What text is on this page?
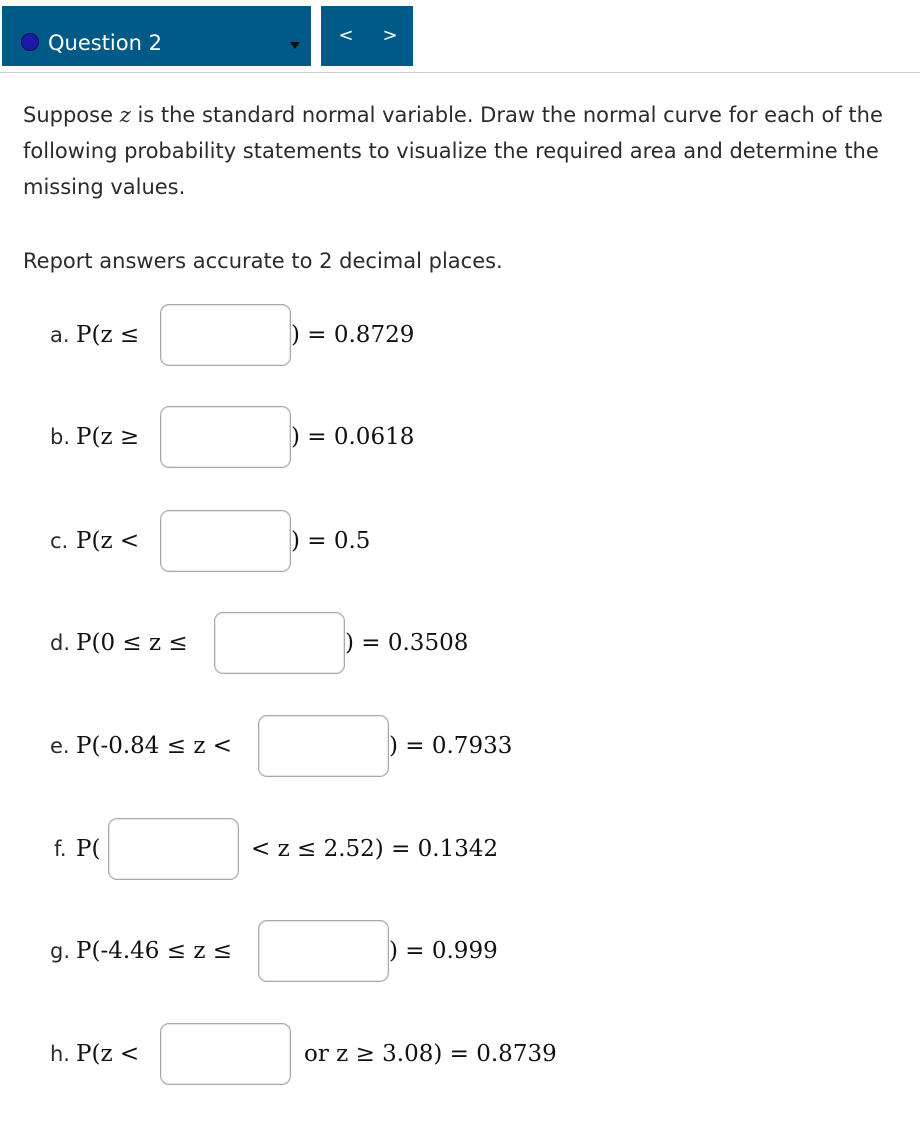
Question 2	<	>
Suppose z is the standard normal variable. Draw the normal curve for each of the following probability statements to visualize the required area and determine the missing values.
Report answers accurate to 2 decimal places.
a. P(z ≤	) = 0.8729
b. P(z ≥	) = 0.0618
c. P(z <	) = 0.5
d. P(0 ≤ z ≤	) = 0.3508
e. P(-0.84 ≤ z <	) = 0.7933
f. P(	< z ≤ 2.52) = 0.1342
g. P(-4.46 ≤ z ≤	) = 0.999
h. P(z <	or z ≥ 3.08) = 0.8739
